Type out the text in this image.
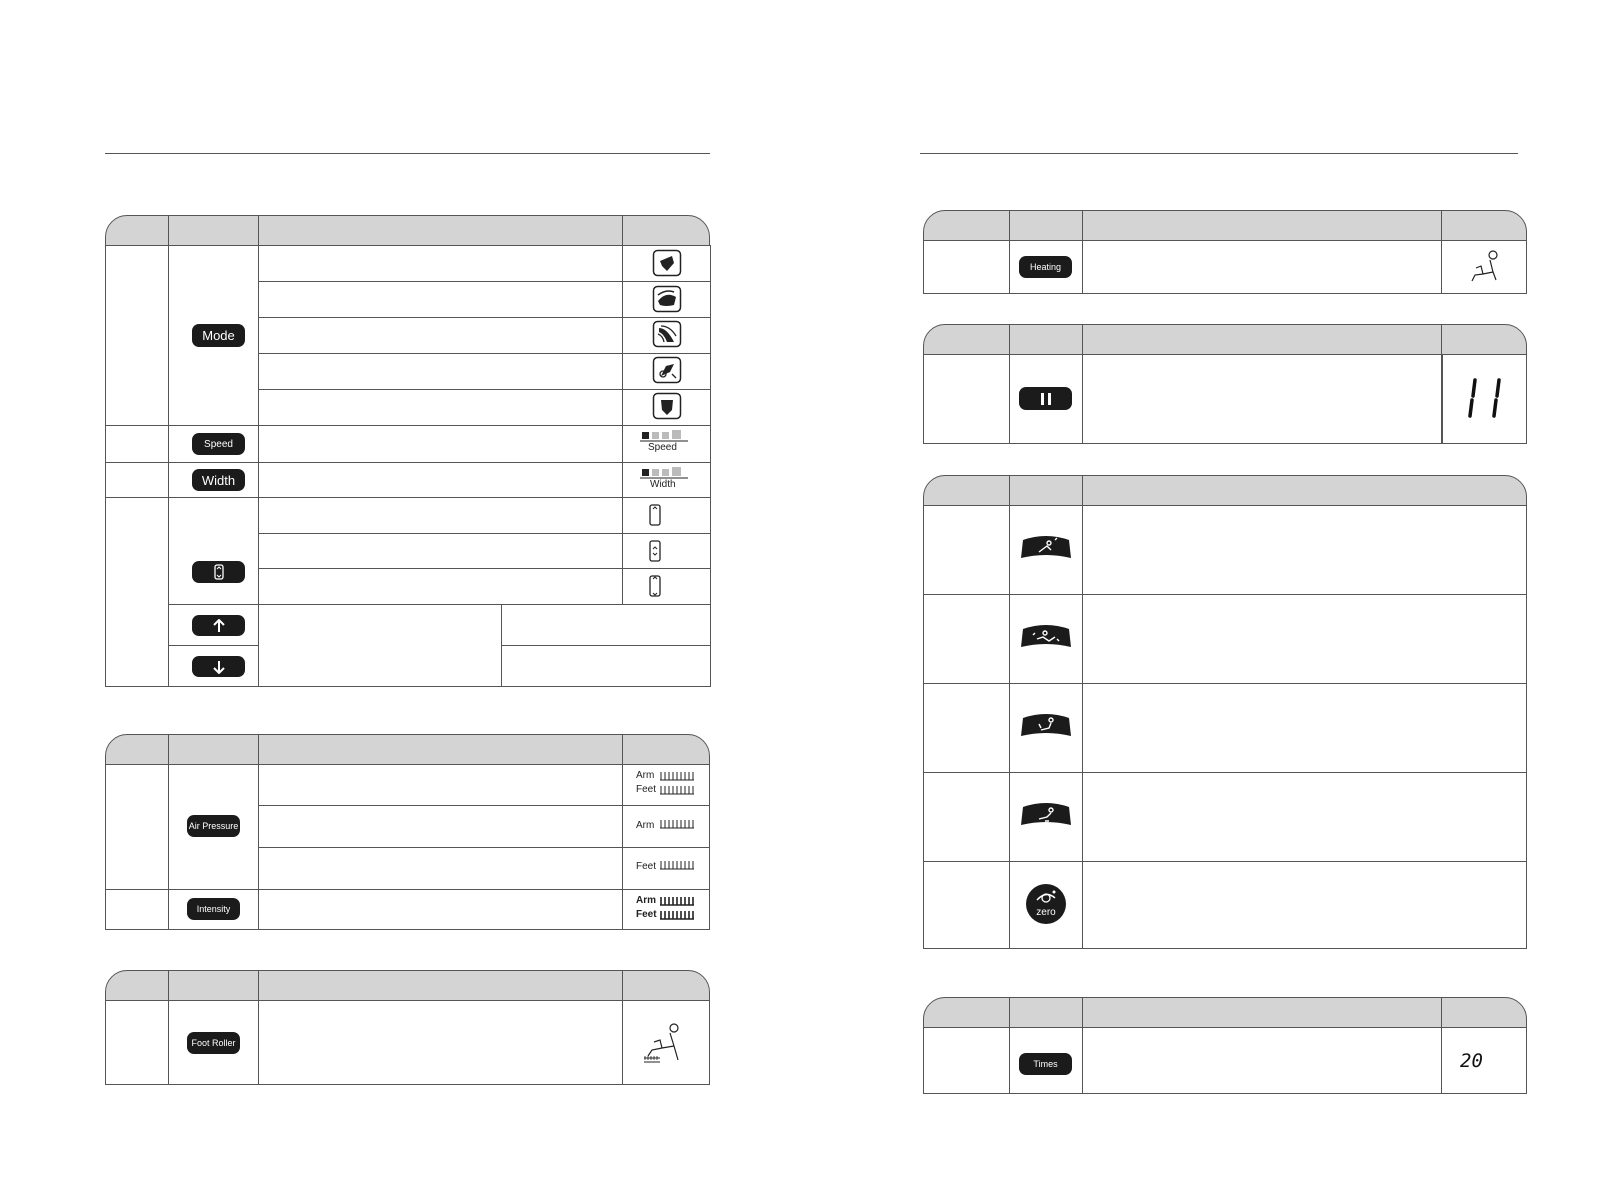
Mode
Speed
Width
Speed
Width
Air Pressure
Intensity
Arm
Feet
Arm
Feet
Arm
Feet
Foot Roller
Heating
zero
Times	20
